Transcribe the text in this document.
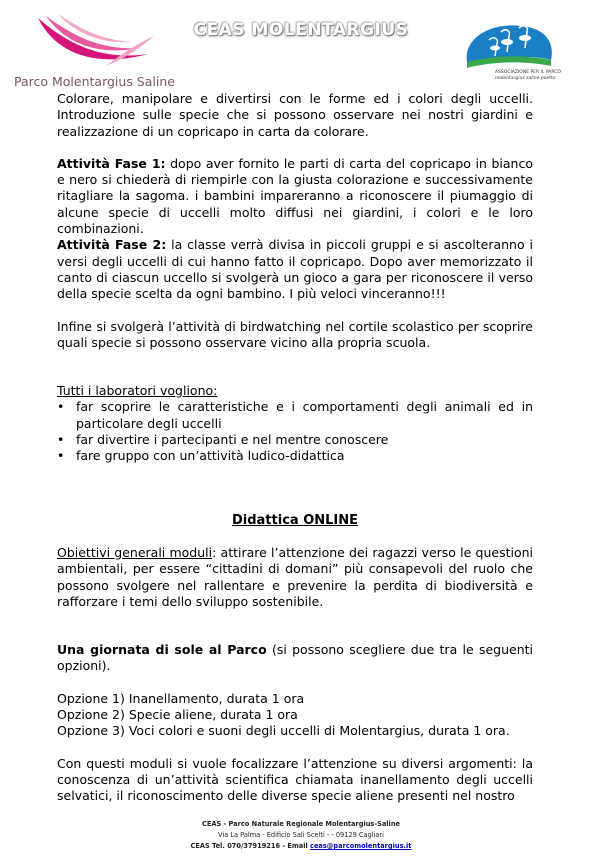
Parco Molentargius Saline
CEAS MOLENTARGIUS
ASSOCIAZIONE PER IL PARCO
molentargius saline poetto

Colorare, manipolare e divertirsi con le forme ed i colori degli uccelli. Introduzione sulle specie che si possono osservare nei nostri giardini e realizzazione di un copricapo in carta da colorare.

Attività Fase 1: dopo aver fornito le parti di carta del copricapo in bianco e nero si chiederà di riempirle con la giusta colorazione e successivamente ritagliare la sagoma. i bambini impareranno a riconoscere il piumaggio di alcune specie di uccelli molto diffusi nei giardini, i colori e le loro combinazioni.

Attività Fase 2: la classe verrà divisa in piccoli gruppi e si ascolteranno i versi degli uccelli di cui hanno fatto il copricapo. Dopo aver memorizzato il canto di ciascun uccello si svolgerà un gioco a gara per riconoscere il verso della specie scelta da ogni bambino. I più veloci vinceranno!!!

Infine si svolgerà l’attività di birdwatching nel cortile scolastico per scoprire quali specie si possono osservare vicino alla propria scuola.

Tutti i laboratori vogliono:

• far scoprire le caratteristiche e i comportamenti degli animali ed in particolare degli uccelli
• far divertire i partecipanti e nel mentre conoscere
• fare gruppo con un’attività ludico-didattica

Didattica ONLINE

Obiettivi generali moduli: attirare l’attenzione dei ragazzi verso le questioni ambientali, per essere “cittadini di domani” più consapevoli del ruolo che possono svolgere nel rallentare e prevenire la perdita di biodiversità e rafforzare i temi dello sviluppo sostenibile.

Una giornata di sole al Parco (si possono scegliere due tra le seguenti opzioni).

Opzione 1) Inanellamento, durata 1 ora

Opzione 2) Specie aliene, durata 1 ora

Opzione 3) Voci colori e suoni degli uccelli di Molentargius, durata 1 ora.

Con questi moduli si vuole focalizzare l’attenzione su diversi argomenti: la conoscenza di un’attività scientifica chiamata inanellamento degli uccelli selvatici, il riconoscimento delle diverse specie aliene presenti nel nostro

CEAS - Parco Naturale Regionale Molentargius-Saline
Via La Palma - Edificio Sali Scelti - - 09129 Cagliari
CEAS Tel. 070/37919216 - Email ceas@parcomolentargius.it
